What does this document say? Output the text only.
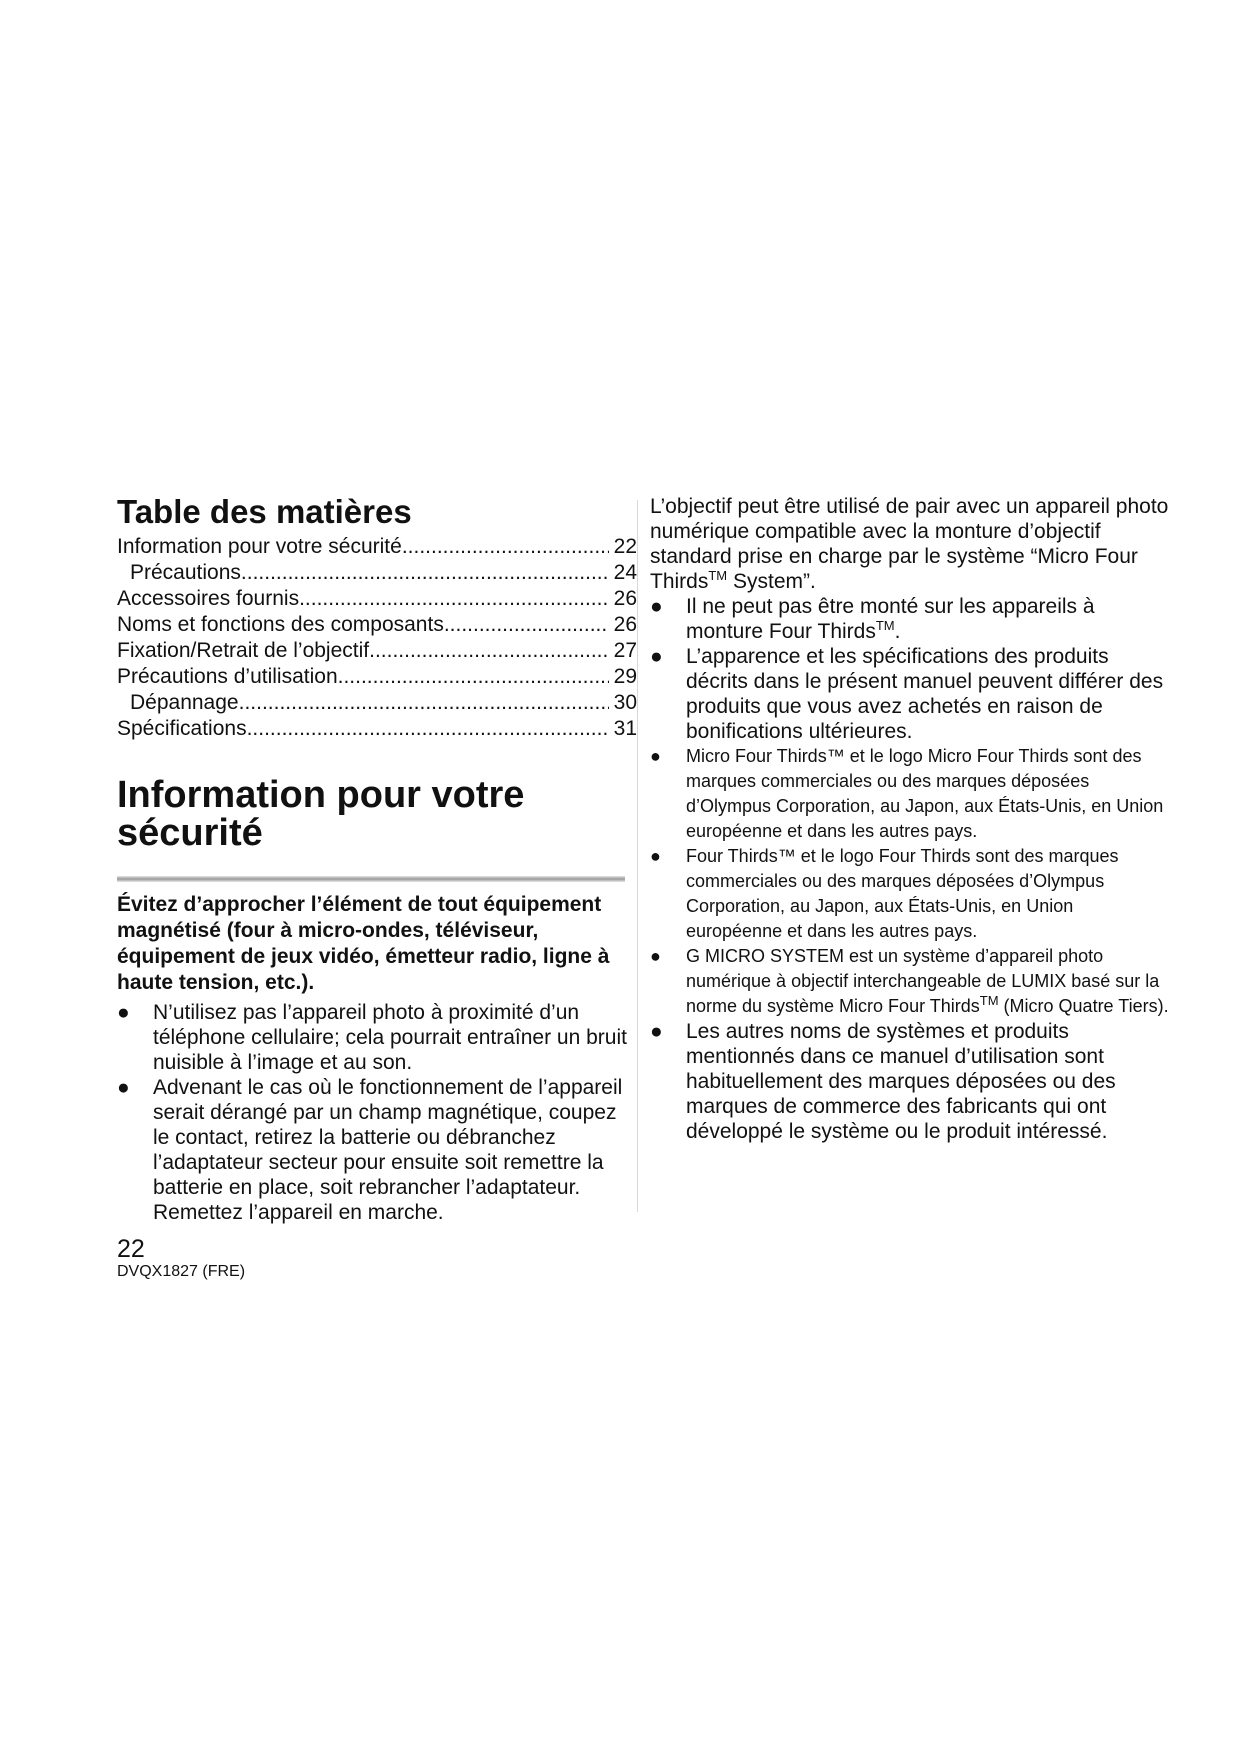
Table des matières
Information pour votre sécurité .....	22
Précautions .....	24
Accessoires fournis .....	26
Noms et fonctions des composants .....	26
Fixation/Retrait de l’objectif .....	27
Précautions d’utilisation .....	29
Dépannage .....	30
Spécifications .....	31
Information pour votre
sécurité

Évitez d’approcher l’élément de tout équipement magnétisé (four à micro-ondes, téléviseur, équipement de jeux vidéo, émetteur radio, ligne à haute tension, etc.).

●	N’utilisez pas l’appareil photo à proximité d’un téléphone cellulaire; cela pourrait entraîner un bruit nuisible à l’image et au son.
●	Advenant le cas où le fonctionnement de l’appareil serait dérangé par un champ magnétique, coupez le contact, retirez la batterie ou débranchez l’adaptateur secteur pour ensuite soit remettre la batterie en place, soit rebrancher l’adaptateur. Remettez l’appareil en marche.
22
DVQX1827 (FRE)

L’objectif peut être utilisé de pair avec un appareil photo numérique compatible avec la monture d’objectif standard prise en charge par le système “Micro Four Thirds™ System”.

●	Il ne peut pas être monté sur les appareils à monture Four Thirds™.
●	L’apparence et les spécifications des produits décrits dans le présent manuel peuvent différer des produits que vous avez achetés en raison de bonifications ultérieures.
●	Micro Four Thirds™ et le logo Micro Four Thirds sont des marques commerciales ou des marques déposées d’Olympus Corporation, au Japon, aux États-Unis, en Union européenne et dans les autres pays.
●	Four Thirds™ et le logo Four Thirds sont des marques commerciales ou des marques déposées d’Olympus Corporation, au Japon, aux États-Unis, en Union européenne et dans les autres pays.
●	G MICRO SYSTEM est un système d’appareil photo numérique à objectif interchangeable de LUMIX basé sur la norme du système Micro Four Thirds™ (Micro Quatre Tiers).
●	Les autres noms de systèmes et produits mentionnés dans ce manuel d’utilisation sont habituellement des marques déposées ou des marques de commerce des fabricants qui ont développé le système ou le produit intéressé.
